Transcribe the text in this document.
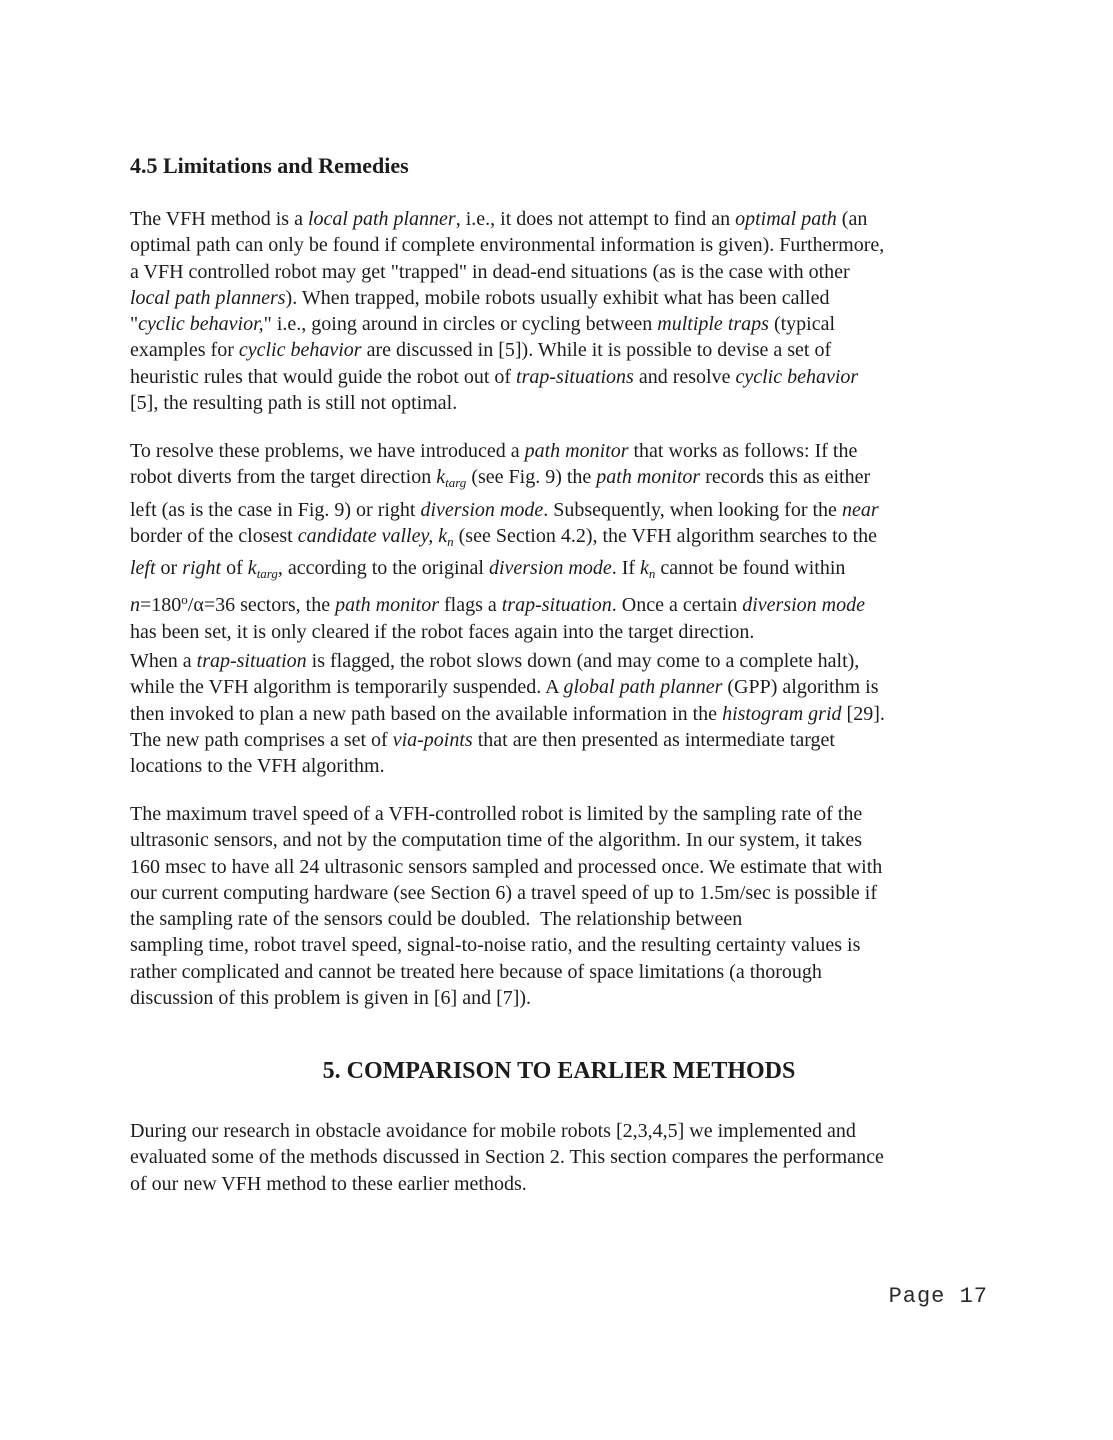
4.5 Limitations and Remedies
The VFH method is a local path planner, i.e., it does not attempt to find an optimal path (an
optimal path can only be found if complete environmental information is given). Furthermore,
a VFH controlled robot may get "trapped" in dead-end situations (as is the case with other
local path planners). When trapped, mobile robots usually exhibit what has been called
"cyclic behavior," i.e., going around in circles or cycling between multiple traps (typical
examples for cyclic behavior are discussed in [5]). While it is possible to devise a set of
heuristic rules that would guide the robot out of trap-situations and resolve cyclic behavior
[5], the resulting path is still not optimal.
To resolve these problems, we have introduced a path monitor that works as follows: If the
robot diverts from the target direction $k_{targ}$ (see Fig. 9) the path monitor records this as either
left (as is the case in Fig. 9) or right diversion mode. Subsequently, when looking for the near
border of the closest candidate valley, $k_n$ (see Section 4.2), the VFH algorithm searches to the
left or right of $k_{targ}$, according to the original diversion mode. If $k_n$ cannot be found within
$n=180^o/\alpha=36$ sectors, the path monitor flags a trap-situation. Once a certain diversion mode
has been set, it is only cleared if the robot faces again into the target direction.
When a trap-situation is flagged, the robot slows down (and may come to a complete halt),
while the VFH algorithm is temporarily suspended. A global path planner (GPP) algorithm is
then invoked to plan a new path based on the available information in the histogram grid [29].
The new path comprises a set of via-points that are then presented as intermediate target
locations to the VFH algorithm.
The maximum travel speed of a VFH-controlled robot is limited by the sampling rate of the
ultrasonic sensors, and not by the computation time of the algorithm. In our system, it takes
160 msec to have all 24 ultrasonic sensors sampled and processed once. We estimate that with
our current computing hardware (see Section 6) a travel speed of up to 1.5m/sec is possible if
the sampling rate of the sensors could be doubled.  The relationship between
sampling time, robot travel speed, signal-to-noise ratio, and the resulting certainty values is
rather complicated and cannot be treated here because of space limitations (a thorough
discussion of this problem is given in [6] and [7]).
5. COMPARISON TO EARLIER METHODS
During our research in obstacle avoidance for mobile robots [2,3,4,5] we implemented and
evaluated some of the methods discussed in Section 2. This section compares the performance
of our new VFH method to these earlier methods.
Page 17
